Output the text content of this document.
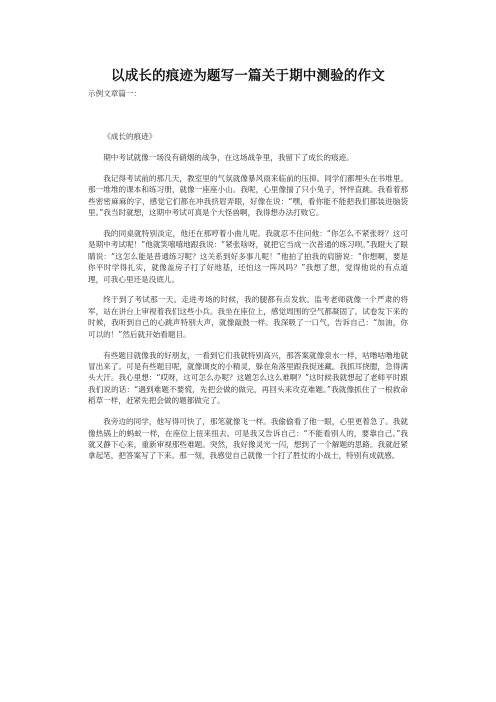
以成长的痕迹为题写一篇关于期中测验的作文
示例文章篇一：

《成长的痕迹》

期中考试就像一场没有硝烟的战争，在这场战争里，我留下了成长的痕迹。

我记得考试前的那几天，教室里的气氛就像暴风雨来临前的压抑。同学们都埋头在书堆里。那一堆堆的课本和练习册，就像一座座小山。我呢，心里像揣了只小兔子，怦怦直跳。我看着那些密密麻麻的字，感觉它们都在冲我挤眉弄眼，好像在说：“嘿，看你能不能把我们都装进脑袋里。”我当时就想，这期中考试可真是个大怪兽啊，我得想办法打败它。

我的同桌就特别淡定，他还在那哼着小曲儿呢。我就忍不住问他：“你怎么不紧张呀？这可是期中考试呢！”他就笑嘻嘻地跟我说：“紧张啥呀，就把它当成一次普通的练习呗。”我瞪大了眼睛说：“这怎么能是普通练习呢？这关系到好多事儿呢！”他拍了拍我的肩膀说：“你想啊，要是你平时学得扎实，就像盖房子打了好地基，还怕这一阵风吗？”我想了想，觉得他说的有点道理，可我心里还是没底儿。

终于到了考试那一天。走进考场的时候，我的腿都有点发软。监考老师就像一个严肃的将军，站在讲台上审视着我们这些小兵。我坐在座位上，感觉周围的空气都凝固了。试卷发下来的时候，我听到自己的心跳声特别大声，就像敲鼓一样。我深吸了一口气，告诉自己：“加油，你可以的！”然后就开始看题目。

有些题目就像我的好朋友，一看到它们我就特别高兴，那答案就像泉水一样，咕噜咕噜地就冒出来了。可是有些题目呢，就像调皮的小精灵，躲在角落里跟我捉迷藏。我抓耳挠腮，急得满头大汗。我心里想：“哎呀，这可怎么办呢？这题怎么这么难啊？”这时候我就想起了老师平时跟我们说的话：“遇到难题不要慌，先把会做的做完，再回头来攻克难题。”我就像抓住了一根救命稻草一样，赶紧先把会做的题都做完了。

我旁边的同学，他写得可快了，那笔就像飞一样。我偷偷看了他一眼，心里更着急了。我就像热锅上的蚂蚁一样，在座位上扭来扭去。可是我又告诉自己：“不能看别人的，要靠自己。”我就又静下心来，重新审视那些难题。突然，我好像灵光一闪，想到了一个解题的思路。我就赶紧拿起笔，把答案写了下来。那一刻，我感觉自己就像一个打了胜仗的小战士，特别有成就感。
